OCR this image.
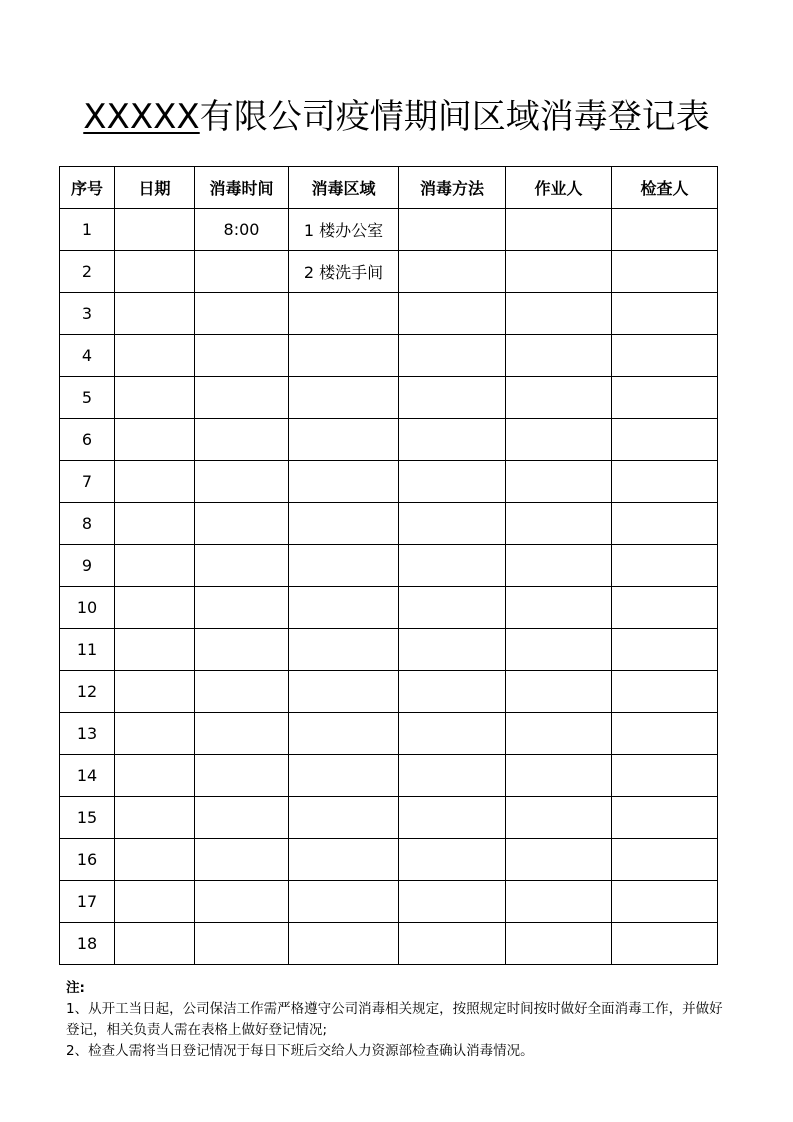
XXXXX有限公司疫情期间区域消毒登记表
序号	日期	消毒时间	消毒区域	消毒方法	作业人	检查人
1		8:00	1 楼办公室			
2			2 楼洗手间			
3						
4						
5						
6						
7						
8						
9						
10						
11						
12						
13						
14						
15						
16						
17						
18						
注:

1、从开工当日起，公司保洁工作需严格遵守公司消毒相关规定，按照规定时间按时做好全面消毒工作，并做好登记，相关负责人需在表格上做好登记情况;

2、检查人需将当日登记情况于每日下班后交给人力资源部检查确认消毒情况。
